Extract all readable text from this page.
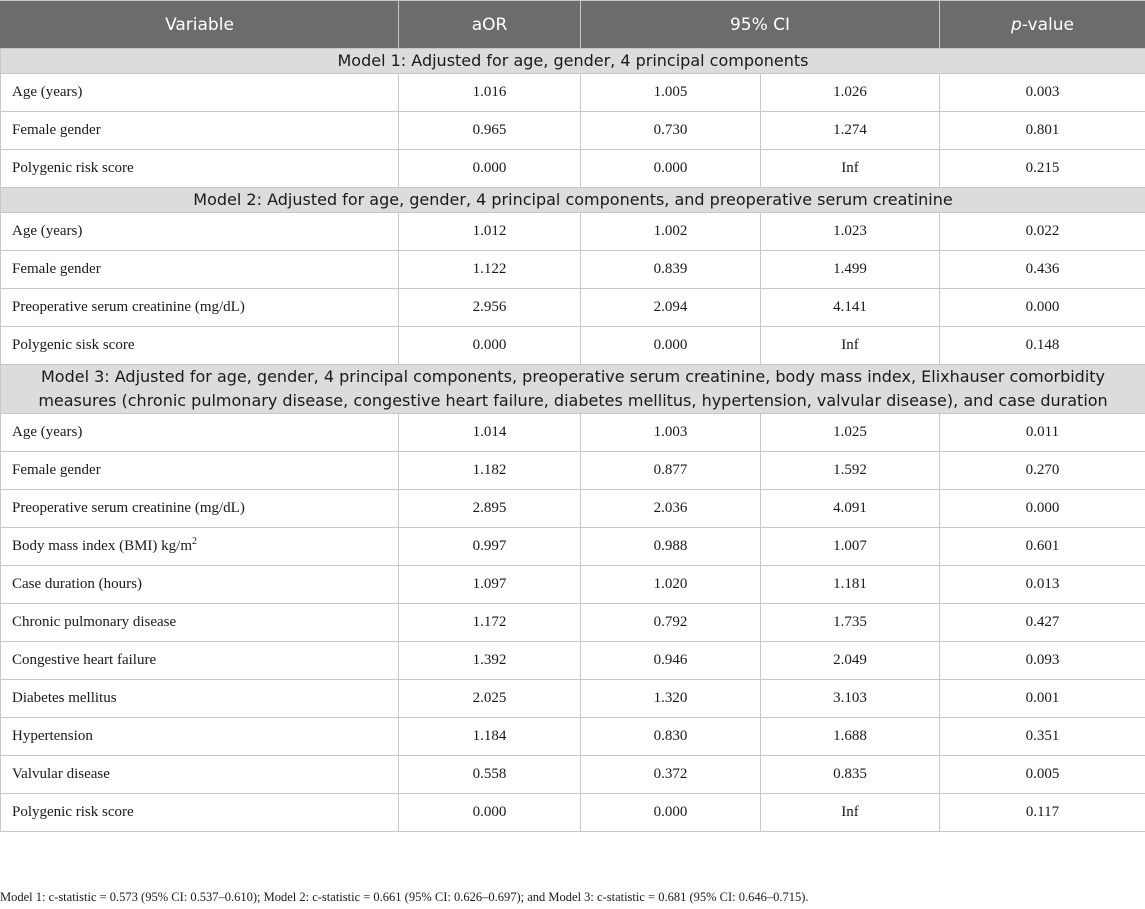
Variable	aOR	95% CI		p-value
Model 1: Adjusted for age, gender, 4 principal components				
Age (years)	1.016	1.005	1.026	0.003
Female gender	0.965	0.730	1.274	0.801
Polygenic risk score	0.000	0.000	Inf	0.215
Model 2: Adjusted for age, gender, 4 principal components, and preoperative serum creatinine				
Age (years)	1.012	1.002	1.023	0.022
Female gender	1.122	0.839	1.499	0.436
Preoperative serum creatinine (mg/dL)	2.956	2.094	4.141	0.000
Polygenic sisk score	0.000	0.000	Inf	0.148
Model 3: Adjusted for age, gender, 4 principal components, preoperative serum creatinine, body mass index, Elixhauser comorbidity measures (chronic pulmonary disease, congestive heart failure, diabetes mellitus, hypertension, valvular disease), and case duration				
Age (years)	1.014	1.003	1.025	0.011
Female gender	1.182	0.877	1.592	0.270
Preoperative serum creatinine (mg/dL)	2.895	2.036	4.091	0.000
Body mass index (BMI) $kg/m^2$	0.997	0.988	1.007	0.601
Case duration (hours)	1.097	1.020	1.181	0.013
Chronic pulmonary disease	1.172	0.792	1.735	0.427
Congestive heart failure	1.392	0.946	2.049	0.093
Diabetes mellitus	2.025	1.320	3.103	0.001
Hypertension	1.184	0.830	1.688	0.351
Valvular disease	0.558	0.372	0.835	0.005
Polygenic risk score	0.000	0.000	Inf	0.117
Model 1: c-statistic = 0.573 (95% CI: 0.537–0.610); Model 2: c-statistic = 0.661 (95% CI: 0.626–0.697); and Model 3: c-statistic = 0.681 (95% CI: 0.646–0.715).
